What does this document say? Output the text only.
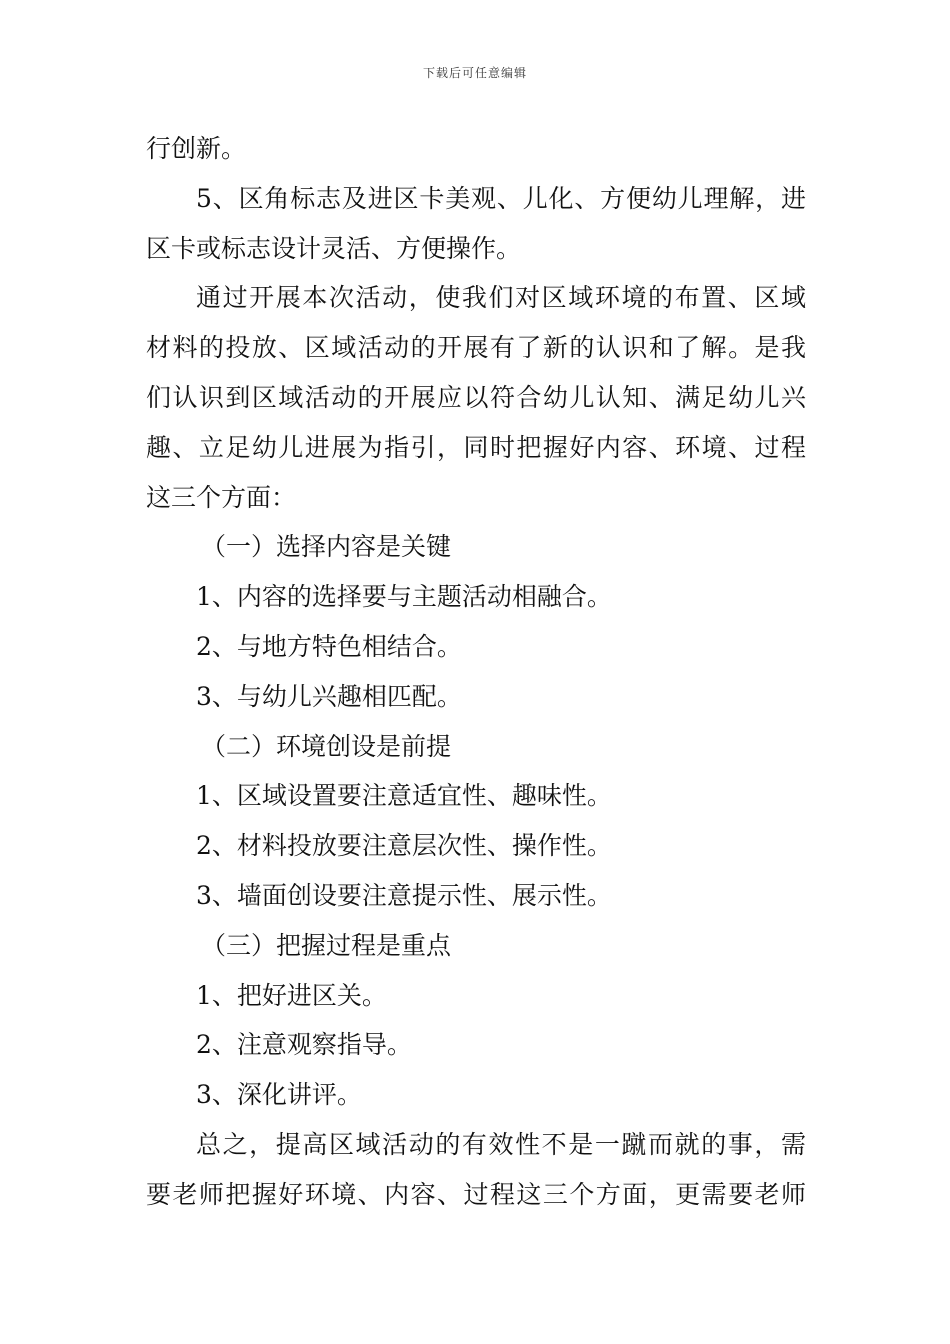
下载后可任意编辑
行创新。
5、区角标志及进区卡美观、儿化、方便幼儿理解，进
区卡或标志设计灵活、方便操作。
通过开展本次活动，使我们对区域环境的布置、区域
材料的投放、区域活动的开展有了新的认识和了解。是我
们认识到区域活动的开展应以符合幼儿认知、满足幼儿兴
趣、立足幼儿进展为指引，同时把握好内容、环境、过程
这三个方面：
（一）选择内容是关键
1、内容的选择要与主题活动相融合。
2、与地方特色相结合。
3、与幼儿兴趣相匹配。
（二）环境创设是前提
1、区域设置要注意适宜性、趣味性。
2、材料投放要注意层次性、操作性。
3、墙面创设要注意提示性、展示性。
（三）把握过程是重点
1、把好进区关。
2、注意观察指导。
3、深化讲评。
总之，提高区域活动的有效性不是一蹴而就的事，需
要老师把握好环境、内容、过程这三个方面，更需要老师
